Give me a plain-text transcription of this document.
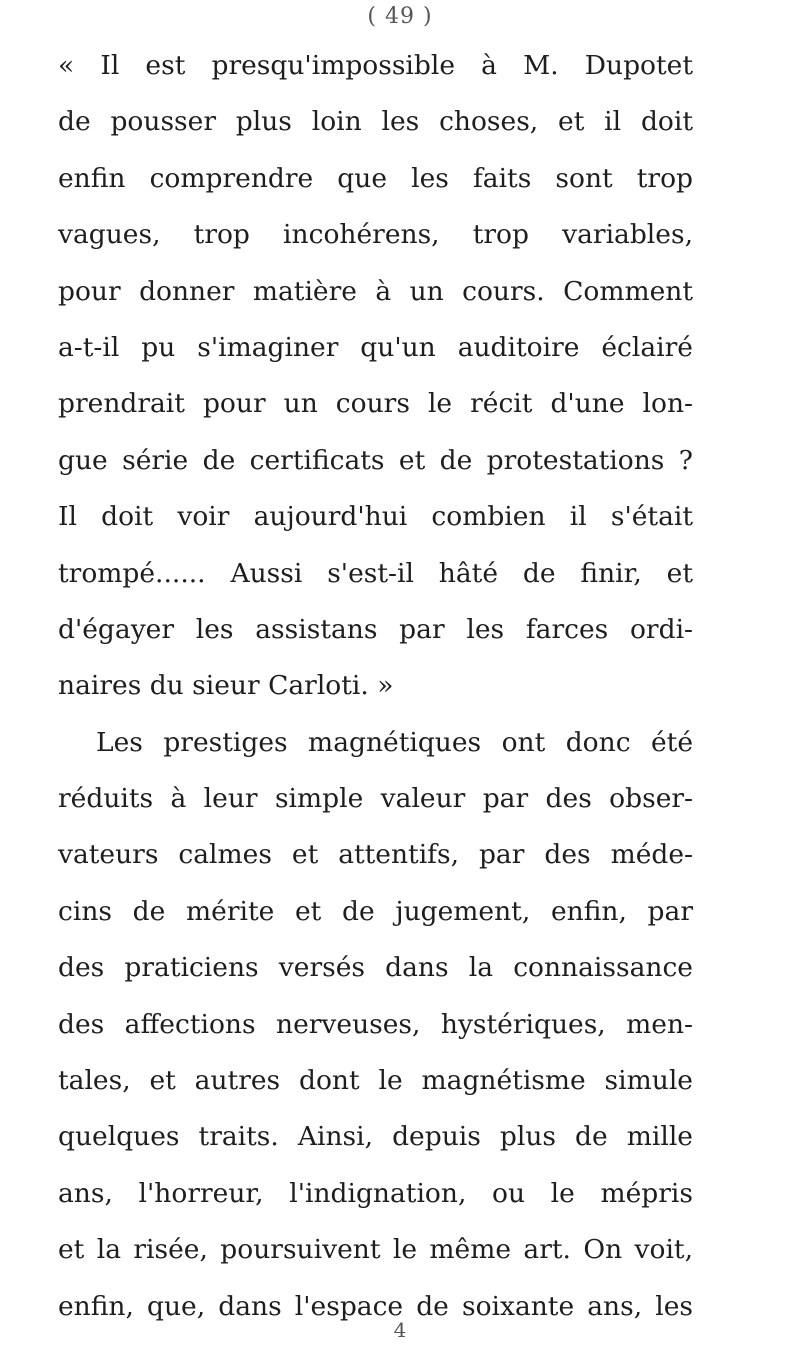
( 49 )
« Il est presqu'impossible à M. Dupotet
de pousser plus loin les choses, et il doit
enfin comprendre que les faits sont trop
vagues, trop incohérens, trop variables,
pour donner matière à un cours. Comment
a-t-il pu s'imaginer qu'un auditoire éclairé
prendrait pour un cours le récit d'une lon-
gue série de certificats et de protestations ?
Il doit voir aujourd'hui combien il s'était
trompé...... Aussi s'est-il hâté de finir, et
d'égayer les assistans par les farces ordi-
naires du sieur Carloti. »
Les prestiges magnétiques ont donc été
réduits à leur simple valeur par des obser-
vateurs calmes et attentifs, par des méde-
cins de mérite et de jugement, enfin, par
des praticiens versés dans la connaissance
des affections nerveuses, hystériques, men-
tales, et autres dont le magnétisme simule
quelques traits. Ainsi, depuis plus de mille
ans, l'horreur, l'indignation, ou le mépris
et la risée, poursuivent le même art. On voit,
enfin, que, dans l'espace de soixante ans, les
4
